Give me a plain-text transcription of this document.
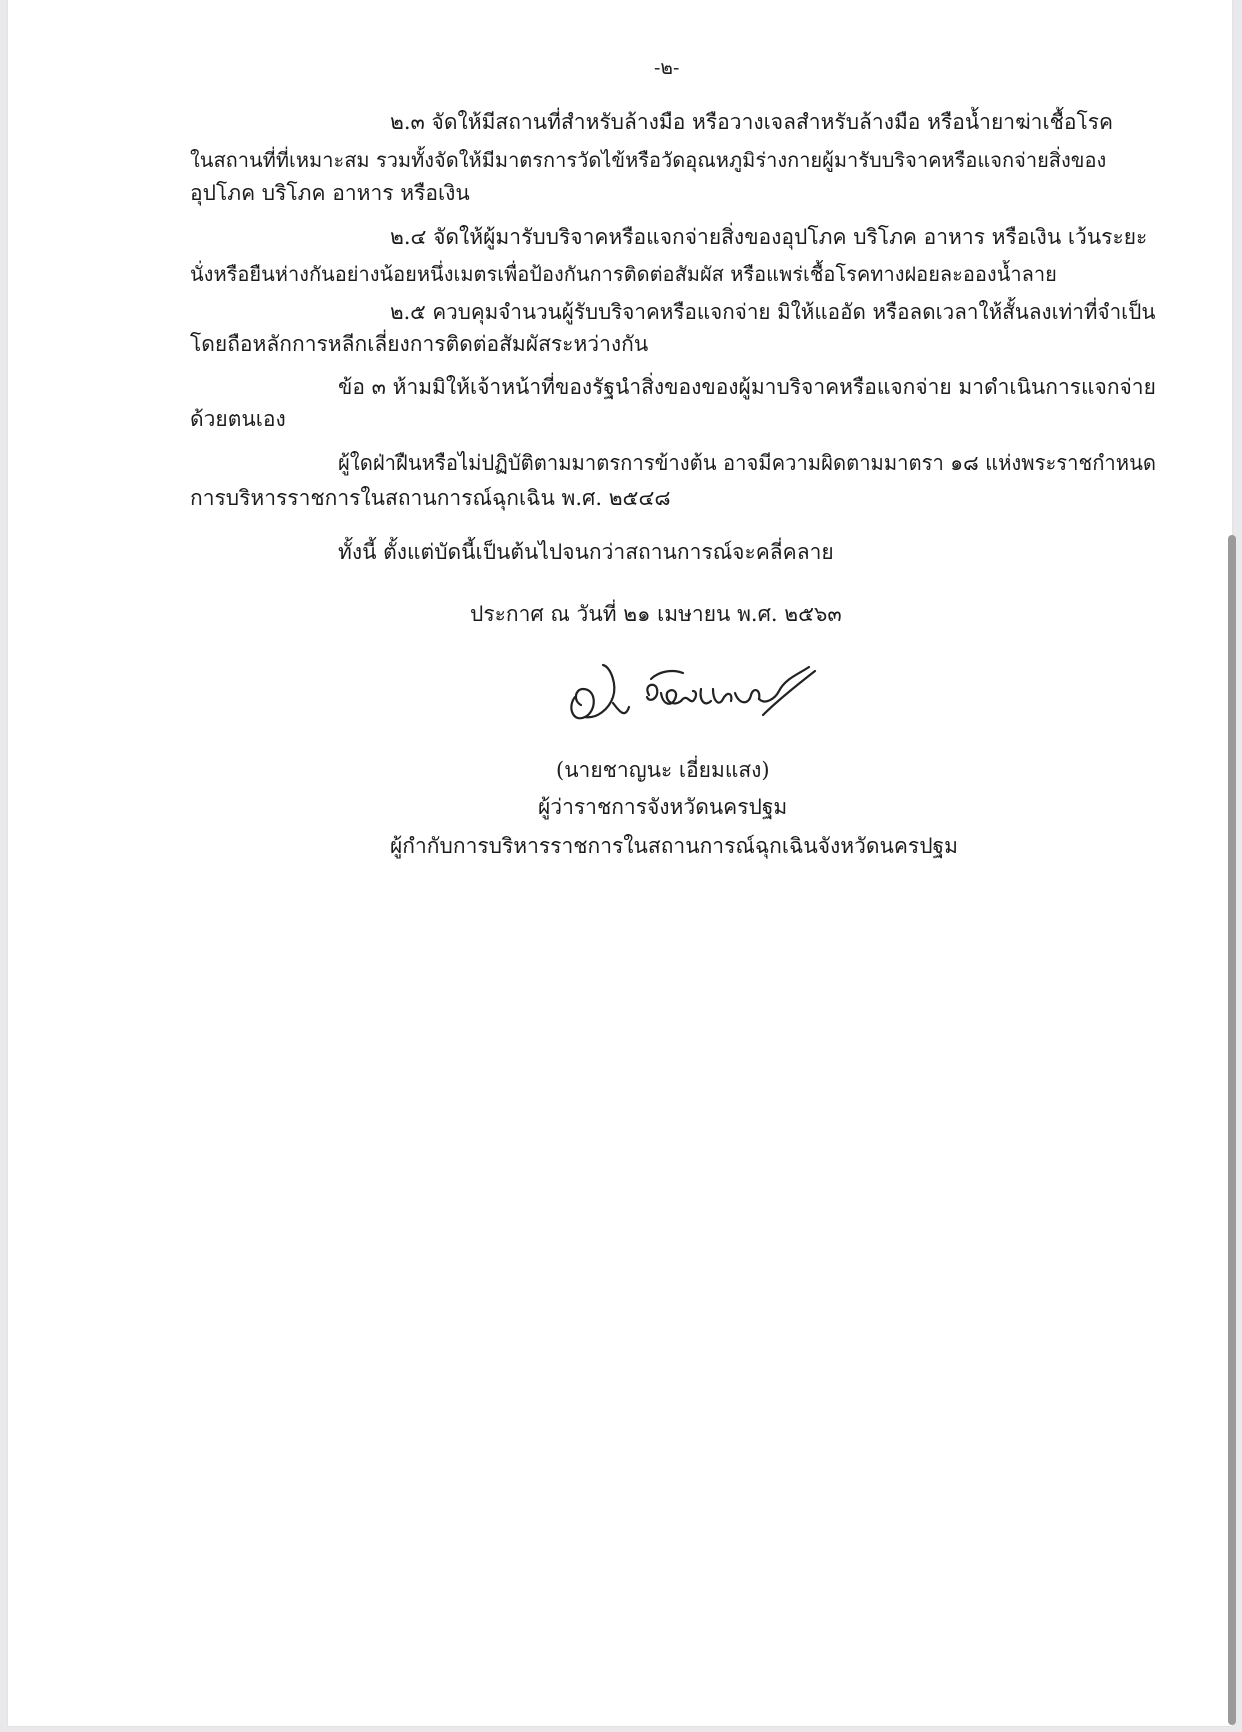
-๒-
๒.๓ จัดให้มีสถานที่สำหรับล้างมือ หรือวางเจลสำหรับล้างมือ หรือน้ำยาฆ่าเชื้อโรค
ในสถานที่ที่เหมาะสม รวมทั้งจัดให้มีมาตรการวัดไข้หรือวัดอุณหภูมิร่างกายผู้มารับบริจาคหรือแจกจ่ายสิ่งของ
อุปโภค บริโภค อาหาร หรือเงิน
๒.๔ จัดให้ผู้มารับบริจาคหรือแจกจ่ายสิ่งของอุปโภค บริโภค อาหาร หรือเงิน เว้นระยะ
นั่งหรือยืนห่างกันอย่างน้อยหนึ่งเมตรเพื่อป้องกันการติดต่อสัมผัส หรือแพร่เชื้อโรคทางฝอยละอองน้ำลาย
๒.๕ ควบคุมจำนวนผู้รับบริจาคหรือแจกจ่าย มิให้แออัด หรือลดเวลาให้สั้นลงเท่าที่จำเป็น
โดยถือหลักการหลีกเลี่ยงการติดต่อสัมผัสระหว่างกัน
ข้อ ๓ ห้ามมิให้เจ้าหน้าที่ของรัฐนำสิ่งของของผู้มาบริจาคหรือแจกจ่าย มาดำเนินการแจกจ่าย
ด้วยตนเอง
ผู้ใดฝ่าฝืนหรือไม่ปฏิบัติตามมาตรการข้างต้น อาจมีความผิดตามมาตรา ๑๘ แห่งพระราชกำหนด
การบริหารราชการในสถานการณ์ฉุกเฉิน พ.ศ. ๒๕๔๘
ทั้งนี้ ตั้งแต่บัดนี้เป็นต้นไปจนกว่าสถานการณ์จะคลี่คลาย
ประกาศ ณ วันที่ ๒๑ เมษายน พ.ศ. ๒๕๖๓
(นายชาญนะ เอี่ยมแสง)
ผู้ว่าราชการจังหวัดนครปฐม
ผู้กำกับการบริหารราชการในสถานการณ์ฉุกเฉินจังหวัดนครปฐม
